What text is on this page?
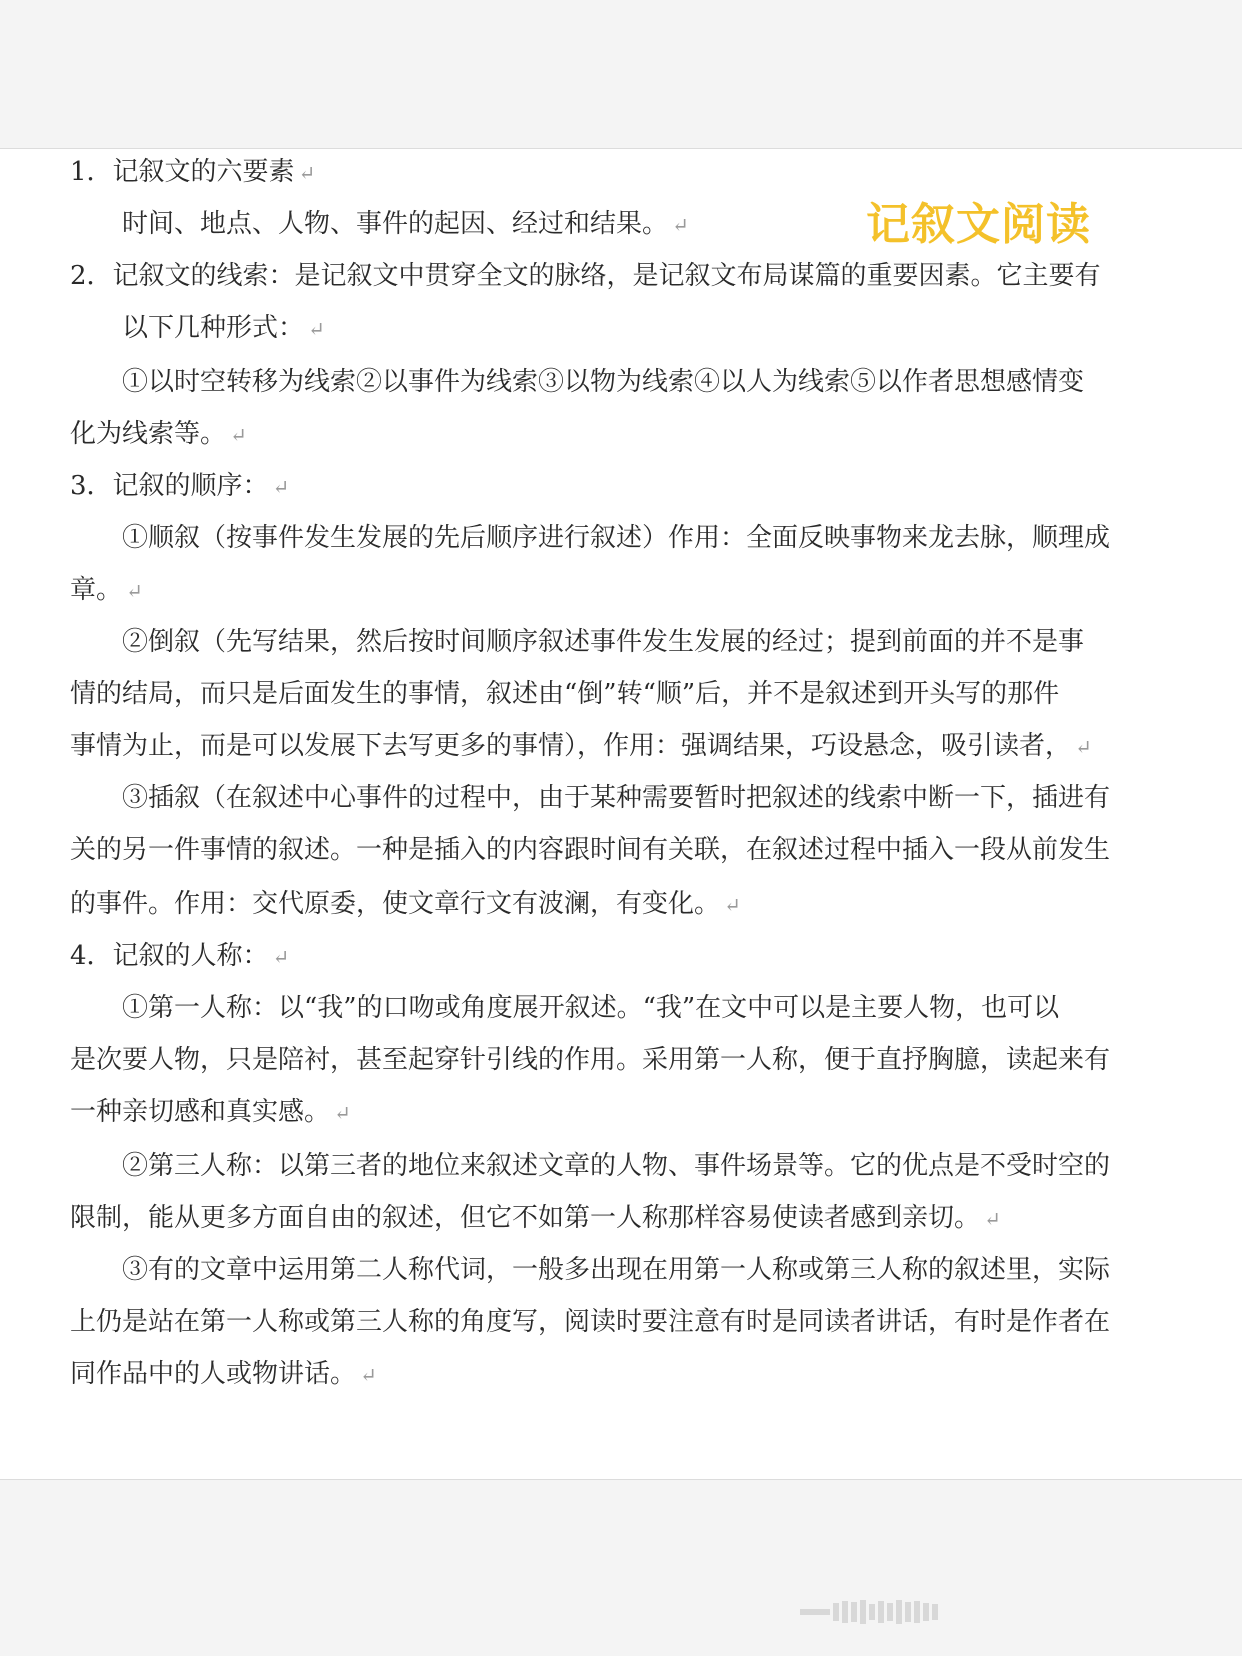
记叙文阅读
1．记叙文的六要素 ↵
时间、地点、人物、事件的起因、经过和结果。 ↵
2．记叙文的线索：是记叙文中贯穿全文的脉络，是记叙文布局谋篇的重要因素。它主要有
以下几种形式： ↵
①以时空转移为线索②以事件为线索③以物为线索④以人为线索⑤以作者思想感情变
化为线索等。 ↵
3．记叙的顺序： ↵
①顺叙（按事件发生发展的先后顺序进行叙述）作用：全面反映事物来龙去脉，顺理成
章。 ↵
②倒叙（先写结果，然后按时间顺序叙述事件发生发展的经过；提到前面的并不是事
情的结局，而只是后面发生的事情，叙述由“倒”转“顺”后，并不是叙述到开头写的那件
事情为止，而是可以发展下去写更多的事情），作用：强调结果，巧设悬念，吸引读者， ↵
③插叙（在叙述中心事件的过程中，由于某种需要暂时把叙述的线索中断一下，插进有
关的另一件事情的叙述。一种是插入的内容跟时间有关联，在叙述过程中插入一段从前发生
的事件。作用：交代原委，使文章行文有波澜，有变化。 ↵
4．记叙的人称： ↵
①第一人称：以“我”的口吻或角度展开叙述。“我”在文中可以是主要人物，也可以
是次要人物，只是陪衬，甚至起穿针引线的作用。采用第一人称，便于直抒胸臆，读起来有
一种亲切感和真实感。 ↵
②第三人称：以第三者的地位来叙述文章的人物、事件场景等。它的优点是不受时空的
限制，能从更多方面自由的叙述，但它不如第一人称那样容易使读者感到亲切。 ↵
③有的文章中运用第二人称代词，一般多出现在用第一人称或第三人称的叙述里，实际
上仍是站在第一人称或第三人称的角度写，阅读时要注意有时是同读者讲话，有时是作者在
同作品中的人或物讲话。 ↵
